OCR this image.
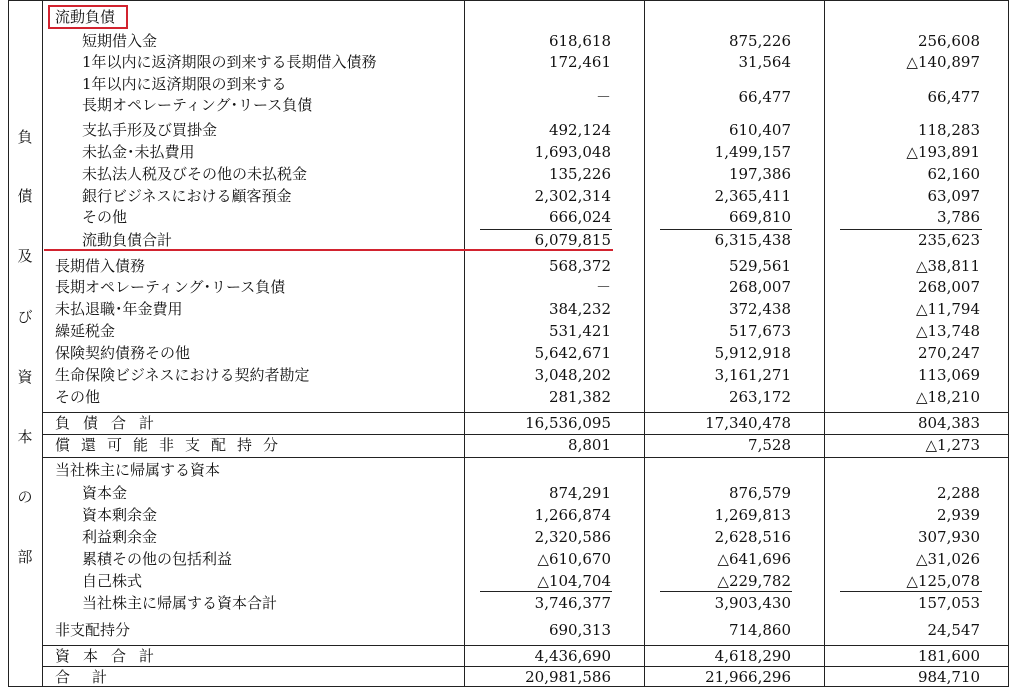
負
債
及
び
資
本
の
部
流動負債
短期借入金	618,618	875,226	256,608
1年以内に返済期限の到来する長期借入債務	172,461	31,564	△140,897
1年以内に返済期限の到来する
長期オペレーティング･リース負債	－	66,477	66,477
支払手形及び買掛金	492,124	610,407	118,283
未払金･未払費用	1,693,048	1,499,157	△193,891
未払法人税及びその他の未払税金	135,226	197,386	62,160
銀行ビジネスにおける顧客預金	2,302,314	2,365,411	63,097
その他	666,024	669,810	3,786
流動負債合計	6,079,815	6,315,438	235,623
長期借入債務	568,372	529,561	△38,811
長期オペレーティング･リース負債	－	268,007	268,007
未払退職･年金費用	384,232	372,438	△11,794
繰延税金	531,421	517,673	△13,748
保険契約債務その他	5,642,671	5,912,918	270,247
生命保険ビジネスにおける契約者勘定	3,048,202	3,161,271	113,069
その他	281,382	263,172	△18,210
負債合計	16,536,095	17,340,478	804,383
償還可能非支配持分	8,801	7,528	△1,273
当社株主に帰属する資本
資本金	874,291	876,579	2,288
資本剰余金	1,266,874	1,269,813	2,939
利益剰余金	2,320,586	2,628,516	307,930
累積その他の包括利益	△610,670	△641,696	△31,026
自己株式	△104,704	△229,782	△125,078
当社株主に帰属する資本合計	3,746,377	3,903,430	157,053
非支配持分	690,313	714,860	24,547
資本合計	4,436,690	4,618,290	181,600
合計	20,981,586	21,966,296	984,710
